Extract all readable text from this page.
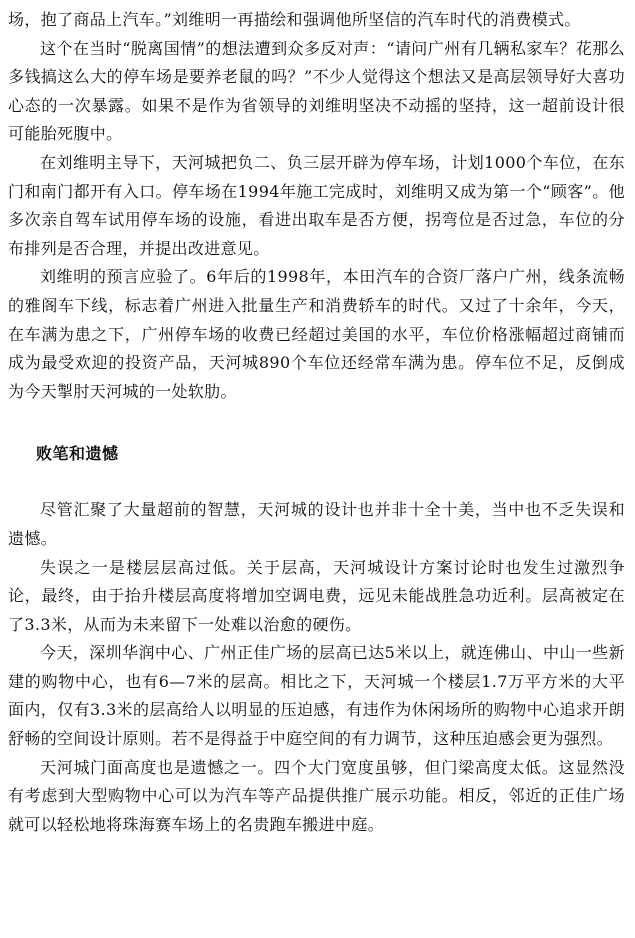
场，抱了商品上汽车。”刘维明一再描绘和强调他所坚信的汽车时代的消费模式。

这个在当时“脱离国情”的想法遭到众多反对声：“请问广州有几辆私家车？花那么多钱搞这么大的停车场是要养老鼠的吗？”不少人觉得这个想法又是高层领导好大喜功心态的一次暴露。如果不是作为省领导的刘维明坚决不动摇的坚持，这一超前设计很可能胎死腹中。

在刘维明主导下，天河城把负二、负三层开辟为停车场，计划1000个车位，在东门和南门都开有入口。停车场在1994年施工完成时，刘维明又成为第一个“顾客”。他多次亲自驾车试用停车场的设施，看进出取车是否方便，拐弯位是否过急，车位的分布排列是否合理，并提出改进意见。

刘维明的预言应验了。6年后的1998年，本田汽车的合资厂落户广州，线条流畅的雅阁车下线，标志着广州进入批量生产和消费轿车的时代。又过了十余年，今天，在车满为患之下，广州停车场的收费已经超过美国的水平，车位价格涨幅超过商铺而成为最受欢迎的投资产品，天河城890个车位还经常车满为患。停车位不足，反倒成为今天掣肘天河城的一处软肋。

败笔和遗憾

尽管汇聚了大量超前的智慧，天河城的设计也并非十全十美，当中也不乏失误和遗憾。

失误之一是楼层层高过低。关于层高，天河城设计方案讨论时也发生过激烈争论，最终，由于抬升楼层高度将增加空调电费，远见未能战胜急功近利。层高被定在了3.3米，从而为未来留下一处难以治愈的硬伤。

今天，深圳华润中心、广州正佳广场的层高已达5米以上，就连佛山、中山一些新建的购物中心，也有6—7米的层高。相比之下，天河城一个楼层1.7万平方米的大平面内，仅有3.3米的层高给人以明显的压迫感，有违作为休闲场所的购物中心追求开朗舒畅的空间设计原则。若不是得益于中庭空间的有力调节，这种压迫感会更为强烈。

天河城门面高度也是遗憾之一。四个大门宽度虽够，但门梁高度太低。这显然没有考虑到大型购物中心可以为汽车等产品提供推广展示功能。相反，邻近的正佳广场就可以轻松地将珠海赛车场上的名贵跑车搬进中庭。
